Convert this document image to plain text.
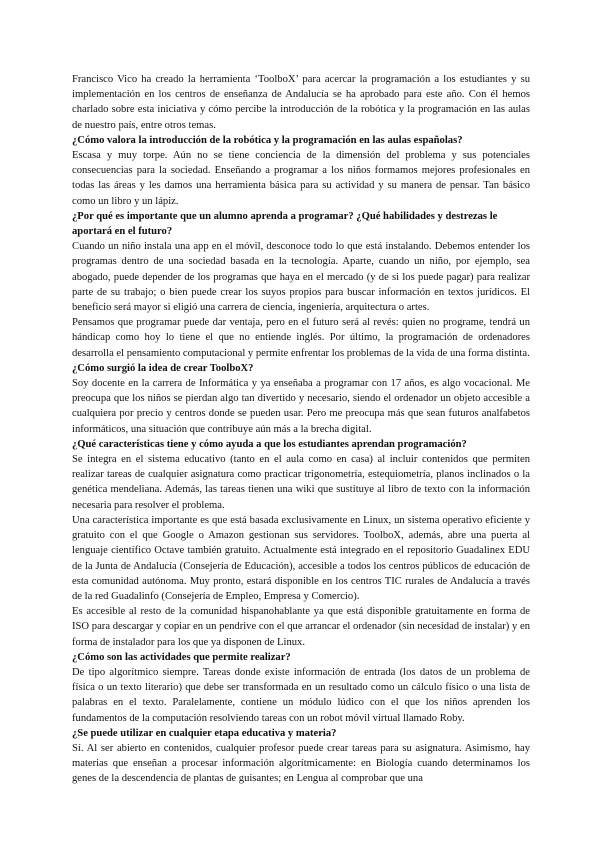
Francisco Vico ha creado la herramienta ‘ToolboX’ para acercar la programación a los estudiantes y su implementación en los centros de enseñanza de Andalucía se ha aprobado para este año. Con él hemos charlado sobre esta iniciativa y cómo percibe la introducción de la robótica y la programación en las aulas de nuestro país, entre otros temas.

¿Cómo valora la introducción de la robótica y la programación en las aulas españolas?

Escasa y muy torpe. Aún no se tiene conciencia de la dimensión del problema y sus potenciales consecuencias para la sociedad. Enseñando a programar a los niños formamos mejores profesionales en todas las áreas y les damos una herramienta básica para su actividad y su manera de pensar. Tan básico como un libro y un lápiz.

¿Por qué es importante que un alumno aprenda a programar? ¿Qué habilidades y destrezas le aportará en el futuro?

Cuando un niño instala una app en el móvil, desconoce todo lo que está instalando. Debemos entender los programas dentro de una sociedad basada en la tecnología. Aparte, cuando un niño, por ejemplo, sea abogado, puede depender de los programas que haya en el mercado (y de si los puede pagar) para realizar parte de su trabajo; o bien puede crear los suyos propios para buscar información en textos jurídicos. El beneficio será mayor si eligió una carrera de ciencia, ingeniería, arquitectura o artes.

Pensamos que programar puede dar ventaja, pero en el futuro será al revés: quien no programe, tendrá un hándicap como hoy lo tiene el que no entiende inglés. Por último, la programación de ordenadores desarrolla el pensamiento computacional y permite enfrentar los problemas de la vida de una forma distinta.

¿Cómo surgió la idea de crear ToolboX?

Soy docente en la carrera de Informática y ya enseñaba a programar con 17 años, es algo vocacional. Me preocupa que los niños se pierdan algo tan divertido y necesario, siendo el ordenador un objeto accesible a cualquiera por precio y centros donde se pueden usar. Pero me preocupa más que sean futuros analfabetos informáticos, una situación que contribuye aún más a la brecha digital.

¿Qué características tiene y cómo ayuda a que los estudiantes aprendan programación?

Se integra en el sistema educativo (tanto en el aula como en casa) al incluir contenidos que permiten realizar tareas de cualquier asignatura como practicar trigonometría, estequiometría, planos inclinados o la genética mendeliana. Además, las tareas tienen una wiki que sustituye al libro de texto con la información necesaria para resolver el problema.

Una característica importante es que está basada exclusivamente en Linux, un sistema operativo eficiente y gratuito con el que Google o Amazon gestionan sus servidores. ToolboX, además, abre una puerta al lenguaje científico Octave también gratuito. Actualmente está integrado en el repositorio Guadalinex EDU de la Junta de Andalucía (Consejería de Educación), accesible a todos los centros públicos de educación de esta comunidad autónoma. Muy pronto, estará disponible en los centros TIC rurales de Andalucía a través de la red Guadalinfo (Consejería de Empleo, Empresa y Comercio).

Es accesible al resto de la comunidad hispanohablante ya que está disponible gratuitamente en forma de ISO para descargar y copiar en un pendrive con el que arrancar el ordenador (sin necesidad de instalar) y en forma de instalador para los que ya disponen de Linux.

¿Cómo son las actividades que permite realizar?

De tipo algorítmico siempre. Tareas donde existe información de entrada (los datos de un problema de física o un texto literario) que debe ser transformada en un resultado como un cálculo físico o una lista de palabras en el texto. Paralelamente, contiene un módulo lúdico con el que los niños aprenden los fundamentos de la computación resolviendo tareas con un robot móvil virtual llamado Roby.

¿Se puede utilizar en cualquier etapa educativa y materia?

Sí. Al ser abierto en contenidos, cualquier profesor puede crear tareas para su asignatura. Asimismo, hay materias que enseñan a procesar información algorítmicamente: en Biología cuando determinamos los genes de la descendencia de plantas de guisantes; en Lengua al comprobar que una
